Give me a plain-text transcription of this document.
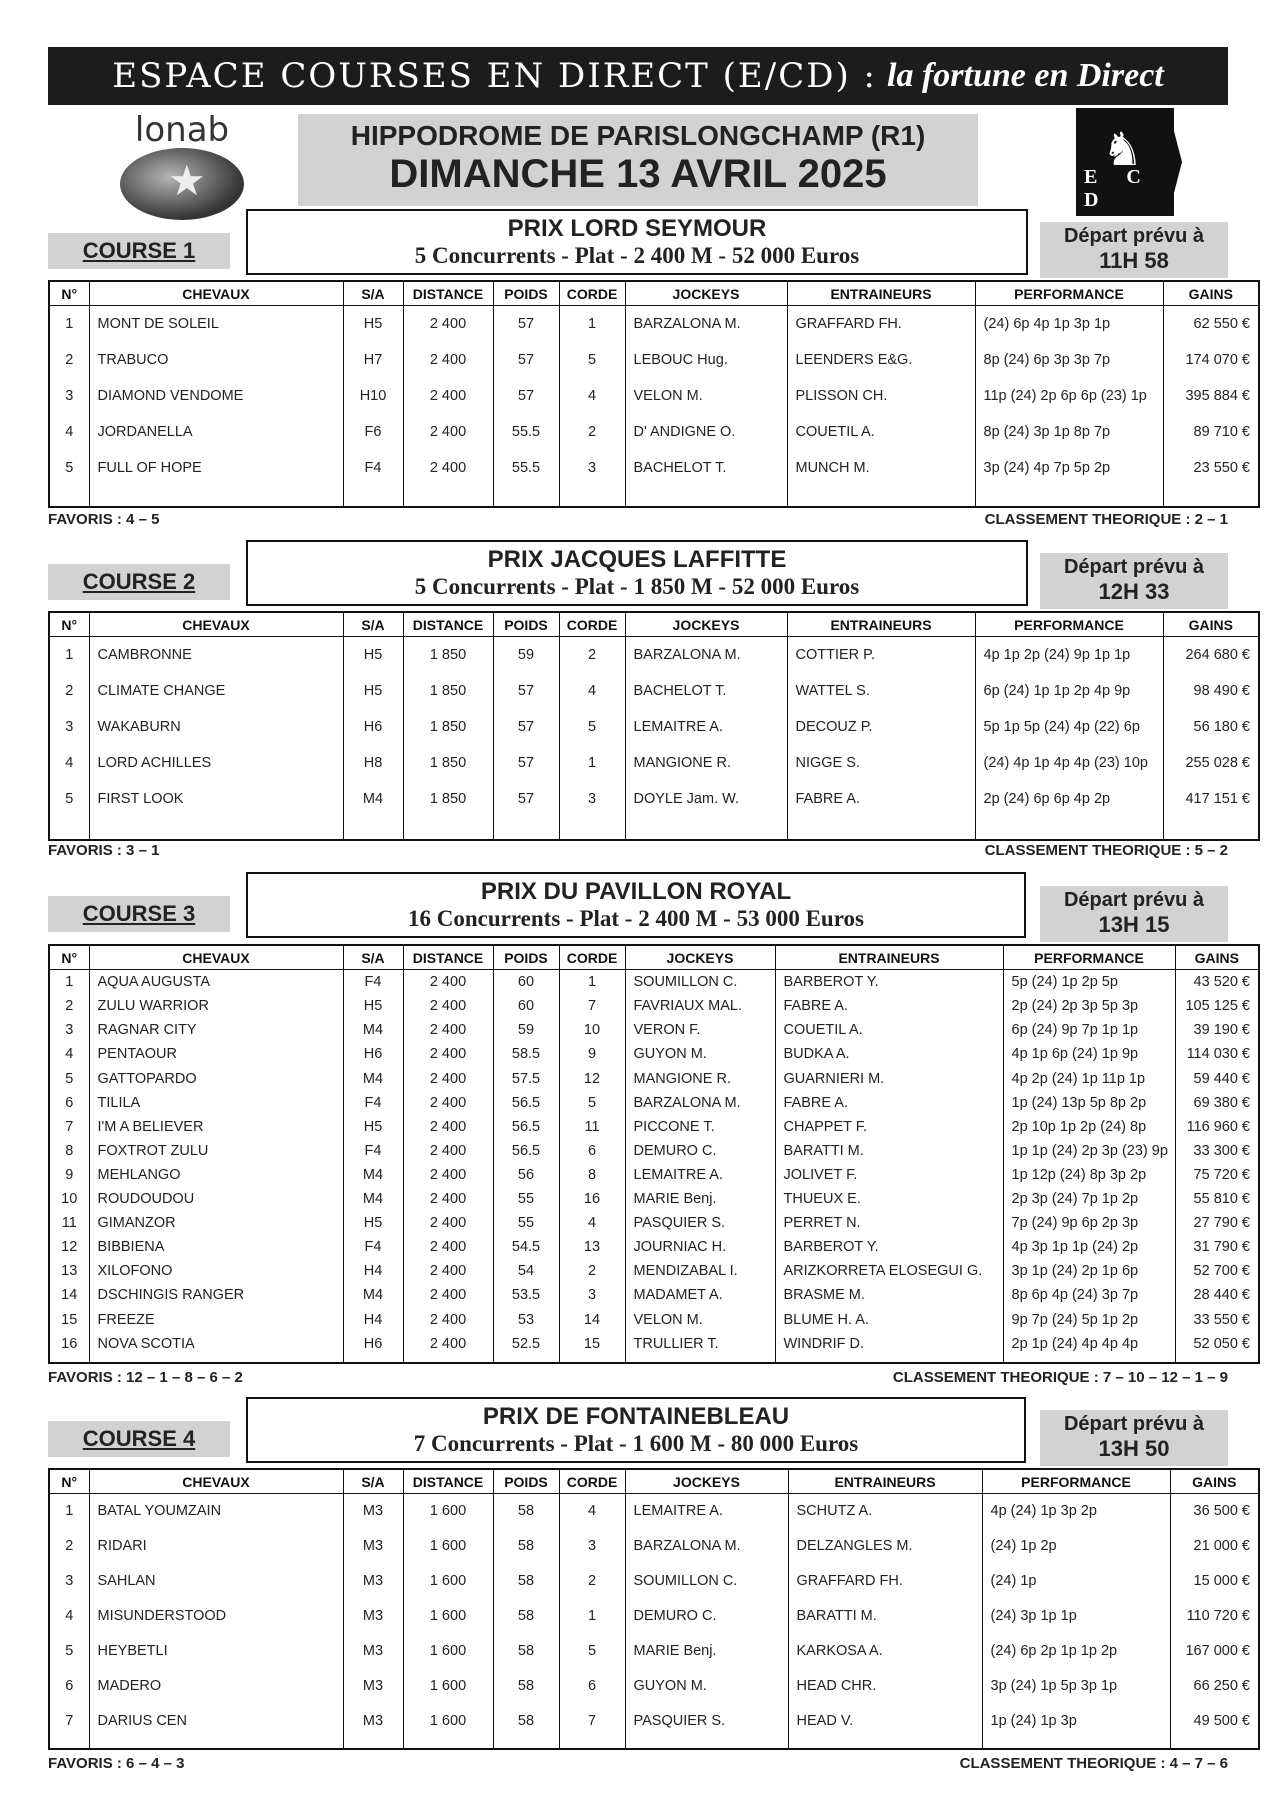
ESPACE COURSES EN DIRECT (E/CD) : la fortune en Direct
★
lonab	HIPPODROME DE PARISLONGCHAMP (R1)
DIMANCHE 13 AVRIL 2025	♞
E C D
COURSE 1
PRIX LORD SEYMOUR
5 Concurrents - Plat - 2 400 M - 52 000 Euros
Départ prévu à
11H 58
N°	CHEVAUX	S/A	DISTANCE	POIDS	CORDE	JOCKEYS	ENTRAINEURS	PERFORMANCE	GAINS
1	MONT DE SOLEIL	H5	2 400	57	1	BARZALONA M.	GRAFFARD FH.	(24) 6p 4p 1p 3p 1p	62 550 €
2	TRABUCO	H7	2 400	57	5	LEBOUC Hug.	LEENDERS E&G.	8p (24) 6p 3p 3p 7p	174 070 €
3	DIAMOND VENDOME	H10	2 400	57	4	VELON M.	PLISSON CH.	11p (24) 2p 6p 6p (23) 1p	395 884 €
4	JORDANELLA	F6	2 400	55.5	2	D' ANDIGNE O.	COUETIL A.	8p (24) 3p 1p 8p 7p	89 710 €
5	FULL OF HOPE	F4	2 400	55.5	3	BACHELOT T.	MUNCH M.	3p (24) 4p 7p 5p 2p	23 550 €

FAVORIS : 4 – 5	CLASSEMENT THEORIQUE : 2 – 1
COURSE 2
PRIX JACQUES LAFFITTE
5 Concurrents - Plat - 1 850 M - 52 000 Euros
Départ prévu à
12H 33
N°	CHEVAUX	S/A	DISTANCE	POIDS	CORDE	JOCKEYS	ENTRAINEURS	PERFORMANCE	GAINS
1	CAMBRONNE	H5	1 850	59	2	BARZALONA M.	COTTIER P.	4p 1p 2p (24) 9p 1p 1p	264 680 €
2	CLIMATE CHANGE	H5	1 850	57	4	BACHELOT T.	WATTEL S.	6p (24) 1p 1p 2p 4p 9p	98 490 €
3	WAKABURN	H6	1 850	57	5	LEMAITRE A.	DECOUZ P.	5p 1p 5p (24) 4p (22) 6p	56 180 €
4	LORD ACHILLES	H8	1 850	57	1	MANGIONE R.	NIGGE S.	(24) 4p 1p 4p 4p (23) 10p	255 028 €
5	FIRST LOOK	M4	1 850	57	3	DOYLE Jam. W.	FABRE A.	2p (24) 6p 6p 4p 2p	417 151 €

FAVORIS : 3 – 1	CLASSEMENT THEORIQUE : 5 – 2
COURSE 3
PRIX DU PAVILLON ROYAL
16 Concurrents - Plat - 2 400 M - 53 000 Euros
Départ prévu à
13H 15
N°	CHEVAUX	S/A	DISTANCE	POIDS	CORDE	JOCKEYS	ENTRAINEURS	PERFORMANCE	GAINS
1	AQUA AUGUSTA	F4	2 400	60	1	SOUMILLON C.	BARBEROT Y.	5p (24) 1p 2p 5p	43 520 €
2	ZULU WARRIOR	H5	2 400	60	7	FAVRIAUX MAL.	FABRE A.	2p (24) 2p 3p 5p 3p	105 125 €
3	RAGNAR CITY	M4	2 400	59	10	VERON F.	COUETIL A.	6p (24) 9p 7p 1p 1p	39 190 €
4	PENTAOUR	H6	2 400	58.5	9	GUYON M.	BUDKA A.	4p 1p 6p (24) 1p 9p	114 030 €
5	GATTOPARDO	M4	2 400	57.5	12	MANGIONE R.	GUARNIERI M.	4p 2p (24) 1p 11p 1p	59 440 €
6	TILILA	F4	2 400	56.5	5	BARZALONA M.	FABRE A.	1p (24) 13p 5p 8p 2p	69 380 €
7	I'M A BELIEVER	H5	2 400	56.5	11	PICCONE T.	CHAPPET F.	2p 10p 1p 2p (24) 8p	116 960 €
8	FOXTROT ZULU	F4	2 400	56.5	6	DEMURO C.	BARATTI M.	1p 1p (24) 2p 3p (23) 9p	33 300 €
9	MEHLANGO	M4	2 400	56	8	LEMAITRE A.	JOLIVET F.	1p 12p (24) 8p 3p 2p	75 720 €
10	ROUDOUDOU	M4	2 400	55	16	MARIE Benj.	THUEUX E.	2p 3p (24) 7p 1p 2p	55 810 €
11	GIMANZOR	H5	2 400	55	4	PASQUIER S.	PERRET N.	7p (24) 9p 6p 2p 3p	27 790 €
12	BIBBIENA	F4	2 400	54.5	13	JOURNIAC H.	BARBEROT Y.	4p 3p 1p 1p (24) 2p	31 790 €
13	XILOFONO	H4	2 400	54	2	MENDIZABAL I.	ARIZKORRETA ELOSEGUI G.	3p 1p (24) 2p 1p 6p	52 700 €
14	DSCHINGIS RANGER	M4	2 400	53.5	3	MADAMET A.	BRASME M.	8p 6p 4p (24) 3p 7p	28 440 €
15	FREEZE	H4	2 400	53	14	VELON M.	BLUME H. A.	9p 7p (24) 5p 1p 2p	33 550 €
16	NOVA SCOTIA	H6	2 400	52.5	15	TRULLIER T.	WINDRIF D.	2p 1p (24) 4p 4p 4p	52 050 €

FAVORIS : 12 – 1 – 8 – 6 – 2	CLASSEMENT THEORIQUE : 7 – 10 – 12 – 1 – 9
COURSE 4
PRIX DE FONTAINEBLEAU
7 Concurrents - Plat - 1 600 M - 80 000 Euros
Départ prévu à
13H 50
N°	CHEVAUX	S/A	DISTANCE	POIDS	CORDE	JOCKEYS	ENTRAINEURS	PERFORMANCE	GAINS
1	BATAL YOUMZAIN	M3	1 600	58	4	LEMAITRE A.	SCHUTZ A.	4p (24) 1p 3p 2p	36 500 €
2	RIDARI	M3	1 600	58	3	BARZALONA M.	DELZANGLES M.	(24) 1p 2p	21 000 €
3	SAHLAN	M3	1 600	58	2	SOUMILLON C.	GRAFFARD FH.	(24) 1p	15 000 €
4	MISUNDERSTOOD	M3	1 600	58	1	DEMURO C.	BARATTI M.	(24) 3p 1p 1p	110 720 €
5	HEYBETLI	M3	1 600	58	5	MARIE Benj.	KARKOSA A.	(24) 6p 2p 1p 1p 2p	167 000 €
6	MADERO	M3	1 600	58	6	GUYON M.	HEAD CHR.	3p (24) 1p 5p 3p 1p	66 250 €
7	DARIUS CEN	M3	1 600	58	7	PASQUIER S.	HEAD V.	1p (24) 1p 3p	49 500 €

FAVORIS : 6 – 4 – 3	CLASSEMENT THEORIQUE : 4 – 7 – 6
